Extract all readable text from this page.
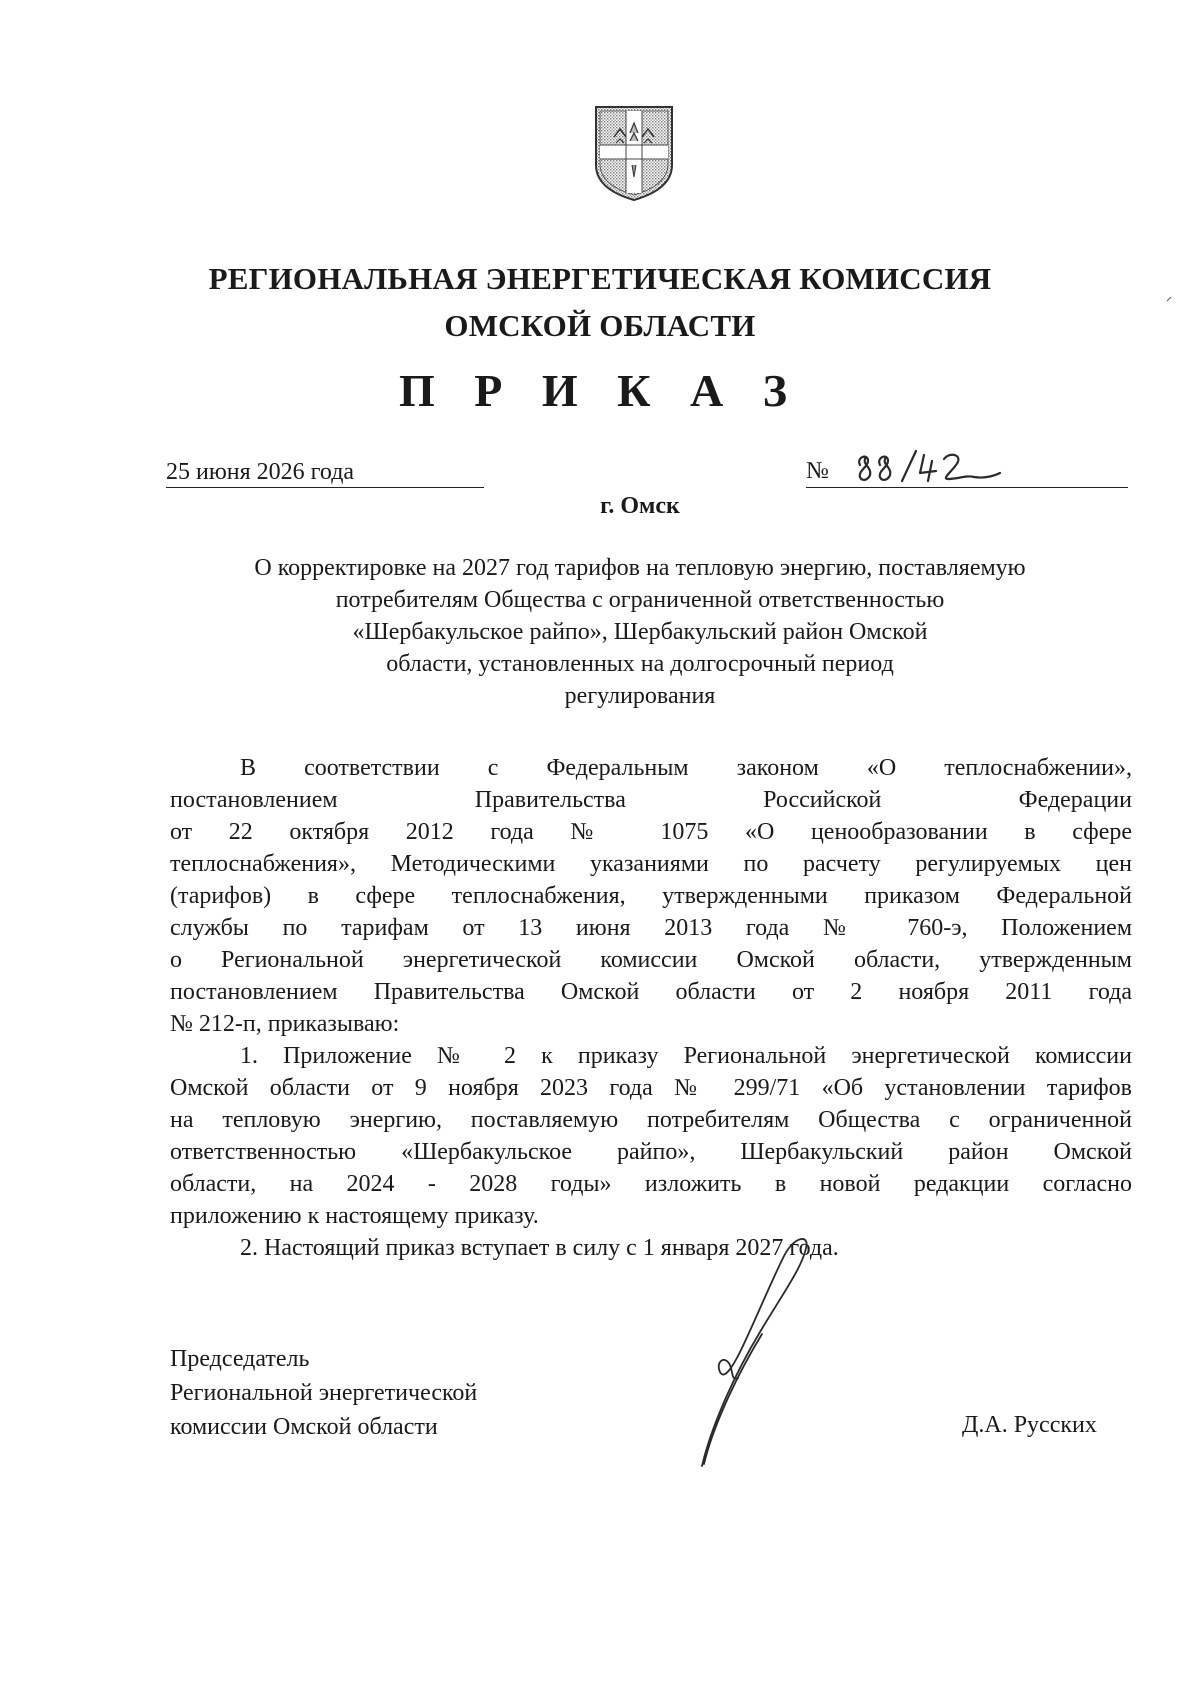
РЕГИОНАЛЬНАЯ ЭНЕРГЕТИЧЕСКАЯ КОМИССИЯ
ОМСКОЙ ОБЛАСТИ
П Р И К А З
25 июня 2026 года	№
г. Омск
О корректировке на 2027 год тарифов на тепловую энергию, поставляемую
потребителям Общества с ограниченной ответственностью
«Шербакульское райпо», Шербакульский район Омской
области, установленных на долгосрочный период
регулирования
В соответствии с Федеральным законом «О теплоснабжении»,
постановлением Правительства Российской Федерации
от 22 октября 2012 года № 1075 «О ценообразовании в сфере
теплоснабжения», Методическими указаниями по расчету регулируемых цен
(тарифов) в сфере теплоснабжения, утвержденными приказом Федеральной
службы по тарифам от 13 июня 2013 года № 760-э, Положением
о Региональной энергетической комиссии Омской области, утвержденным
постановлением Правительства Омской области от 2 ноября 2011 года
№ 212-п, приказываю:
1. Приложение № 2 к приказу Региональной энергетической комиссии
Омской области от 9 ноября 2023 года № 299/71 «Об установлении тарифов
на тепловую энергию, поставляемую потребителям Общества с ограниченной
ответственностью «Шербакульское райпо», Шербакульский район Омской
области, на 2024 - 2028 годы» изложить в новой редакции согласно
приложению к настоящему приказу.
2. Настоящий приказ вступает в силу с 1 января 2027 года.
Председатель
Региональной энергетической
комиссии Омской области	Д.А. Русских
